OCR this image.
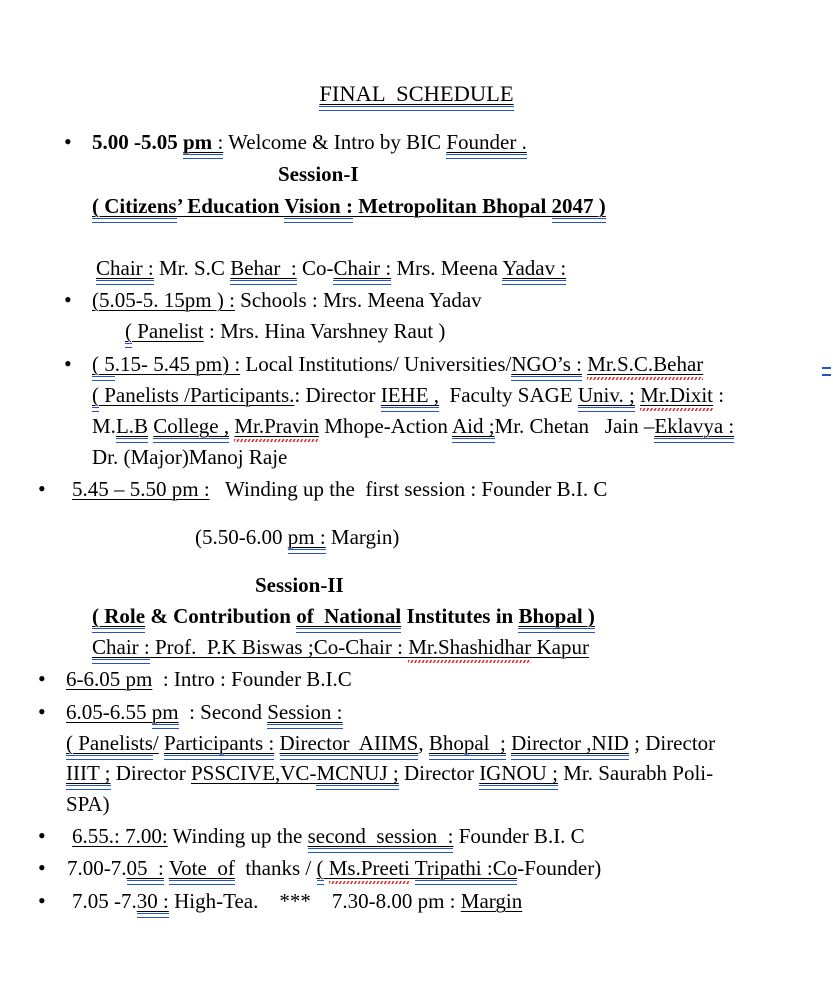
FINAL  SCHEDULE
• 5.00 -5.05 pm : Welcome & Intro by BIC Founder .
Session-I
( Citizens’ Education Vision : Metropolitan Bhopal 2047 )
Chair : Mr. S.C Behar  : Co-Chair : Mrs. Meena Yadav :
• (5.05-5. 15pm ) : Schools : Mrs. Meena Yadav
( Panelist : Mrs. Hina Varshney Raut )
• ( 5.15- 5.45 pm) : Local Institutions/ Universities/NGO’s : Mr.S.C.Behar
( Panelists /Participants.: Director IEHE ,  Faculty SAGE Univ. ; Mr.Dixit :
M.L.B College , Mr.Pravin Mhope-Action Aid ;Mr. Chetan   Jain –Eklavya :
Dr. (Major)Manoj Raje
• 5.45 – 5.50 pm :   Winding up the  first session : Founder B.I. C
(5.50-6.00 pm : Margin)
Session-II
( Role & Contribution of  National Institutes in Bhopal )
Chair : Prof.  P.K Biswas ;Co-Chair : Mr.Shashidhar Kapur
• 6-6.05 pm  : Intro : Founder B.I.C
• 6.05-6.55 pm  : Second Session :
( Panelists/ Participants : Director  AIIMS, Bhopal  ; Director ,NID ; Director
IIIT ; Director PSSCIVE,VC-MCNUJ ; Director IGNOU ; Mr. Saurabh Poli-
SPA)
• 6.55.: 7.00: Winding up the second  session  : Founder B.I. C
• 7.00-7.05  : Vote  of  thanks / ( Ms.Preeti Tripathi :Co-Founder)
• 7.05 -7.30 : High-Tea.    ***    7.30-8.00 pm : Margin
